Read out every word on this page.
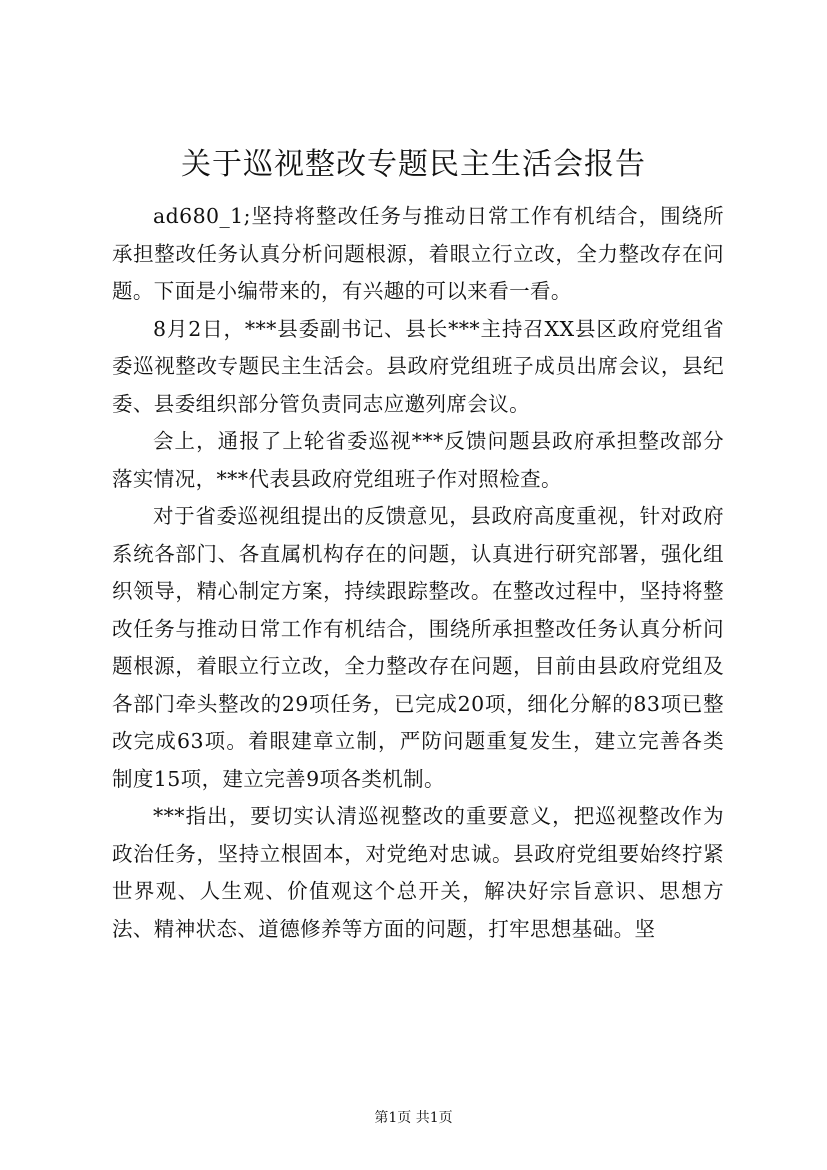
关于巡视整改专题民主生活会报告

ad680_1;坚持将整改任务与推动日常工作有机结合，围绕所承担整改任务认真分析问题根源，着眼立行立改，全力整改存在问题。下面是小编带来的，有兴趣的可以来看一看。

8月2日，***县委副书记、县长***主持召XX县区政府党组省委巡视整改专题民主生活会。县政府党组班子成员出席会议，县纪委、县委组织部分管负责同志应邀列席会议。

会上，通报了上轮省委巡视***反馈问题县政府承担整改部分落实情况，***代表县政府党组班子作对照检查。

对于省委巡视组提出的反馈意见，县政府高度重视，针对政府系统各部门、各直属机构存在的问题，认真进行研究部署，强化组织领导，精心制定方案，持续跟踪整改。在整改过程中，坚持将整改任务与推动日常工作有机结合，围绕所承担整改任务认真分析问题根源，着眼立行立改，全力整改存在问题，目前由县政府党组及各部门牵头整改的29项任务，已完成20项，细化分解的83项已整改完成63项。着眼建章立制，严防问题重复发生，建立完善各类制度15项，建立完善9项各类机制。

***指出，要切实认清巡视整改的重要意义，把巡视整改作为政治任务，坚持立根固本，对党绝对忠诚。县政府党组要始终拧紧世界观、人生观、价值观这个总开关，解决好宗旨意识、思想方法、精神状态、道德修养等方面的问题，打牢思想基础。坚

第1页 共1页
